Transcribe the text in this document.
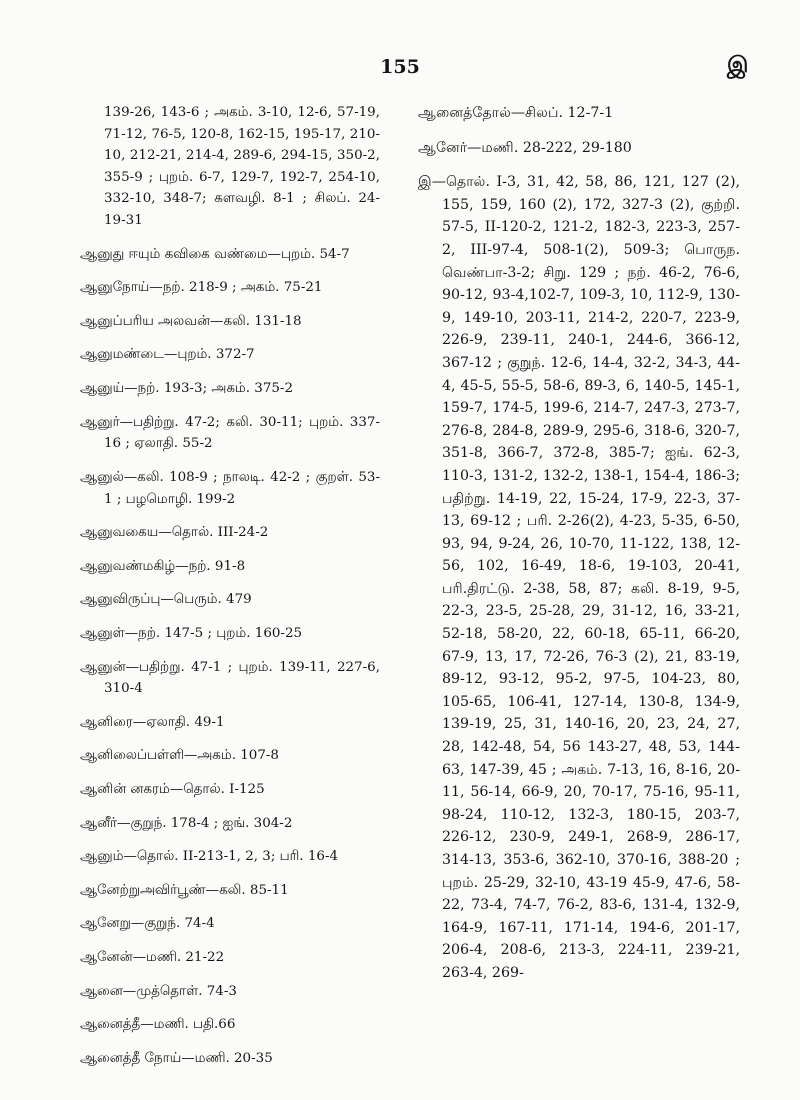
155	இ

139-26, 143-6 ; அகம். 3-10, 12-6, 57-19, 71-12, 76-5, 120-8, 162-15, 195-17, 210-10, 212-21, 214-4, 289-6, 294-15, 350-2, 355-9 ; புறம். 6-7, 129-7, 192-7, 254-10, 332-10, 348-7; களவழி. 8-1 ; சிலப். 24-19-31

ஆனுது ஈயும் கவிகை வண்மை—புறம். 54-7

ஆனுநோய்—நற். 218-9 ; அகம். 75-21

ஆனுப்பரிய அலவன்—கலி. 131-18

ஆனுமண்டை—புறம். 372-7

ஆனுய்—நற். 193-3; அகம். 375-2

ஆனுர்—பதிற்று. 47-2; கலி. 30-11; புறம். 337-16 ; ஏலாதி. 55-2

ஆனுல்—கலி. 108-9 ; நாலடி. 42-2 ; குறள். 53-1 ; பழமொழி. 199-2

ஆனுவகைய—தொல். III-24-2

ஆனுவண்மகிழ்—நற். 91-8

ஆனுவிருப்பு—பெரும். 479

ஆனுள்—நற். 147-5 ; புறம். 160-25

ஆனுன்—பதிற்று. 47-1 ; புறம். 139-11, 227-6, 310-4

ஆனிரை—ஏலாதி. 49-1

ஆனிலைப்பள்ளி—அகம். 107-8

ஆனின் னகரம்—தொல். I-125

ஆனீர்—குறுந். 178-4 ; ஐங். 304-2

ஆனும்—தொல். II-213-1, 2, 3; பரி. 16-4

ஆனேற்றுஅவிர்பூண்—கலி. 85-11

ஆனேறு—குறுந். 74-4

ஆனேன்—மணி. 21-22

ஆனை—முத்தொள். 74-3

ஆனைத்தீ—மணி. பதி.66

ஆனைத்தீ நோய்—மணி. 20-35

ஆனைத்தோல்—சிலப். 12-7-1

ஆனேர்—மணி. 28-222, 29-180

இ—தொல். I-3, 31, 42, 58, 86, 121, 127 (2), 155, 159, 160 (2), 172, 327-3 (2), குற்றி. 57-5, II-120-2, 121-2, 182-3, 223-3, 257-2, III-97-4, 508-1(2), 509-3; பொருந. வெண்பா-3-2; சிறு. 129 ; நற். 46-2, 76-6, 90-12, 93-4,102-7, 109-3, 10, 112-9, 130-9, 149-10, 203-11, 214-2, 220-7, 223-9, 226-9, 239-11, 240-1, 244-6, 366-12, 367-12 ; குறுந். 12-6, 14-4, 32-2, 34-3, 44-4, 45-5, 55-5, 58-6, 89-3, 6, 140-5, 145-1, 159-7, 174-5, 199-6, 214-7, 247-3, 273-7, 276-8, 284-8, 289-9, 295-6, 318-6, 320-7, 351-8, 366-7, 372-8, 385-7; ஐங். 62-3, 110-3, 131-2, 132-2, 138-1, 154-4, 186-3; பதிற்று. 14-19, 22, 15-24, 17-9, 22-3, 37-13, 69-12 ; பரி. 2-26(2), 4-23, 5-35, 6-50, 93, 94, 9-24, 26, 10-70, 11-122, 138, 12-56, 102, 16-49, 18-6, 19-103, 20-41, பரி.திரட்டு. 2-38, 58, 87; கலி. 8-19, 9-5, 22-3, 23-5, 25-28, 29, 31-12, 16, 33-21, 52-18, 58-20, 22, 60-18, 65-11, 66-20, 67-9, 13, 17, 72-26, 76-3 (2), 21, 83-19, 89-12, 93-12, 95-2, 97-5, 104-23, 80, 105-65, 106-41, 127-14, 130-8, 134-9, 139-19, 25, 31, 140-16, 20, 23, 24, 27, 28, 142-48, 54, 56 143-27, 48, 53, 144-63, 147-39, 45 ; அகம். 7-13, 16, 8-16, 20-11, 56-14, 66-9, 20, 70-17, 75-16, 95-11, 98-24, 110-12, 132-3, 180-15, 203-7, 226-12, 230-9, 249-1, 268-9, 286-17, 314-13, 353-6, 362-10, 370-16, 388-20 ; புறம். 25-29, 32-10, 43-19 45-9, 47-6, 58-22, 73-4, 74-7, 76-2, 83-6, 131-4, 132-9, 164-9, 167-11, 171-14, 194-6, 201-17, 206-4, 208-6, 213-3, 224-11, 239-21, 263-4, 269-
